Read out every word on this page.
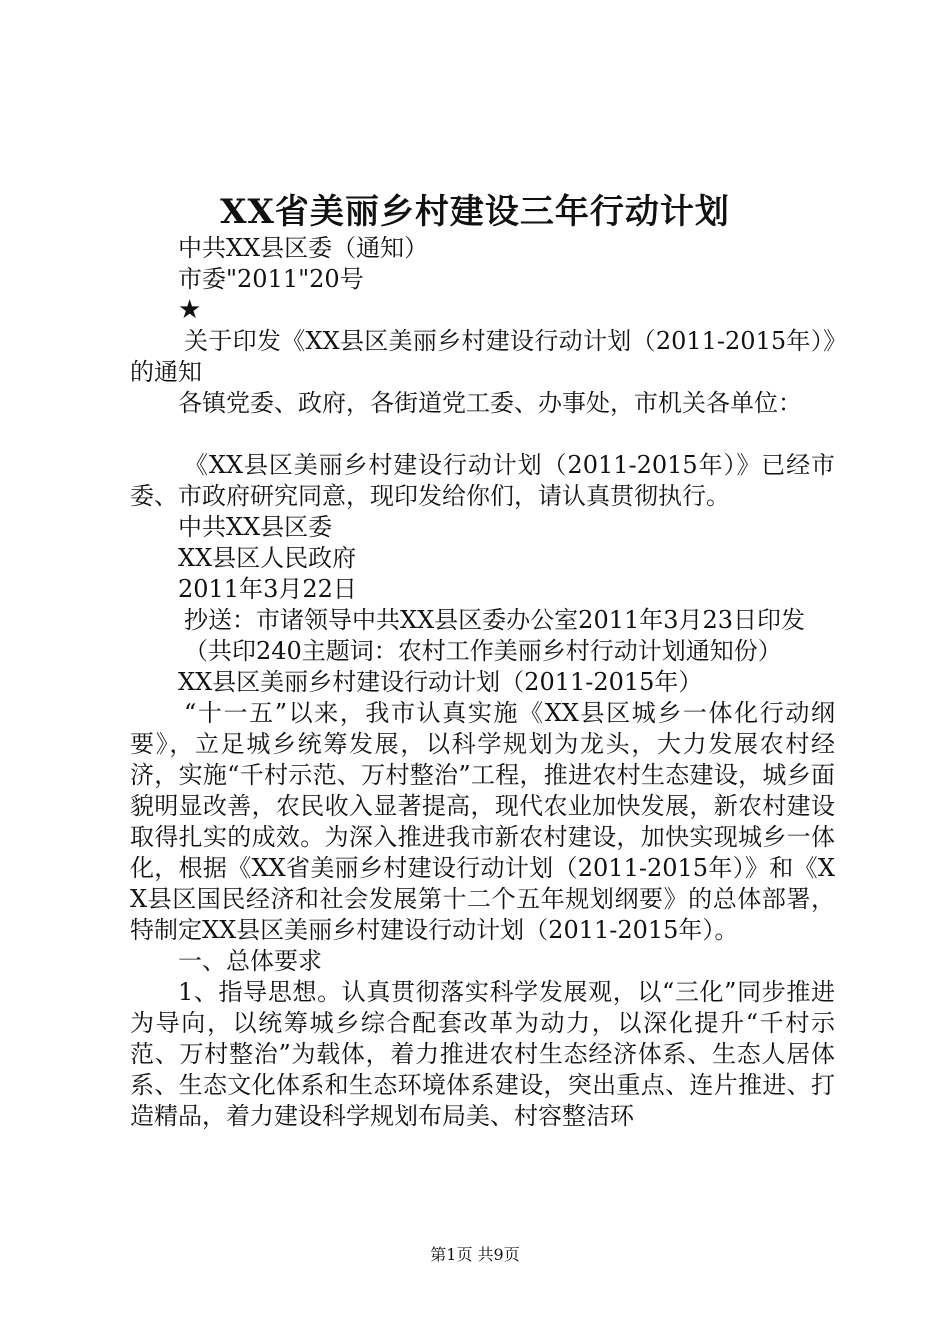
XX省美丽乡村建设三年行动计划

中共XX县区委（通知）

市委"2011"20号

★

关于印发《XX县区美丽乡村建设行动计划（2011-2015年）》的通知

各镇党委、政府，各街道党工委、办事处，市机关各单位：

《XX县区美丽乡村建设行动计划（2011-2015年）》已经市委、市政府研究同意，现印发给你们，请认真贯彻执行。

中共XX县区委

XX县区人民政府

2011年3月22日

抄送：市诸领导中共XX县区委办公室2011年3月23日印发

（共印240主题词：农村工作美丽乡村行动计划通知份）

XX县区美丽乡村建设行动计划（2011-2015年）

“十一五”以来，我市认真实施《XX县区城乡一体化行动纲要》，立足城乡统筹发展，以科学规划为龙头，大力发展农村经济，实施“千村示范、万村整治”工程，推进农村生态建设，城乡面貌明显改善，农民收入显著提高，现代农业加快发展，新农村建设取得扎实的成效。为深入推进我市新农村建设，加快实现城乡一体化，根据《XX省美丽乡村建设行动计划（2011-2015年）》和《XX县区国民经济和社会发展第十二个五年规划纲要》的总体部署，特制定XX县区美丽乡村建设行动计划（2011-2015年）。

一、总体要求

1、指导思想。认真贯彻落实科学发展观，以“三化”同步推进为导向，以统筹城乡综合配套改革为动力，以深化提升“千村示范、万村整治”为载体，着力推进农村生态经济体系、生态人居体系、生态文化体系和生态环境体系建设，突出重点、连片推进、打造精品，着力建设科学规划布局美、村容整洁环

第1页 共9页
